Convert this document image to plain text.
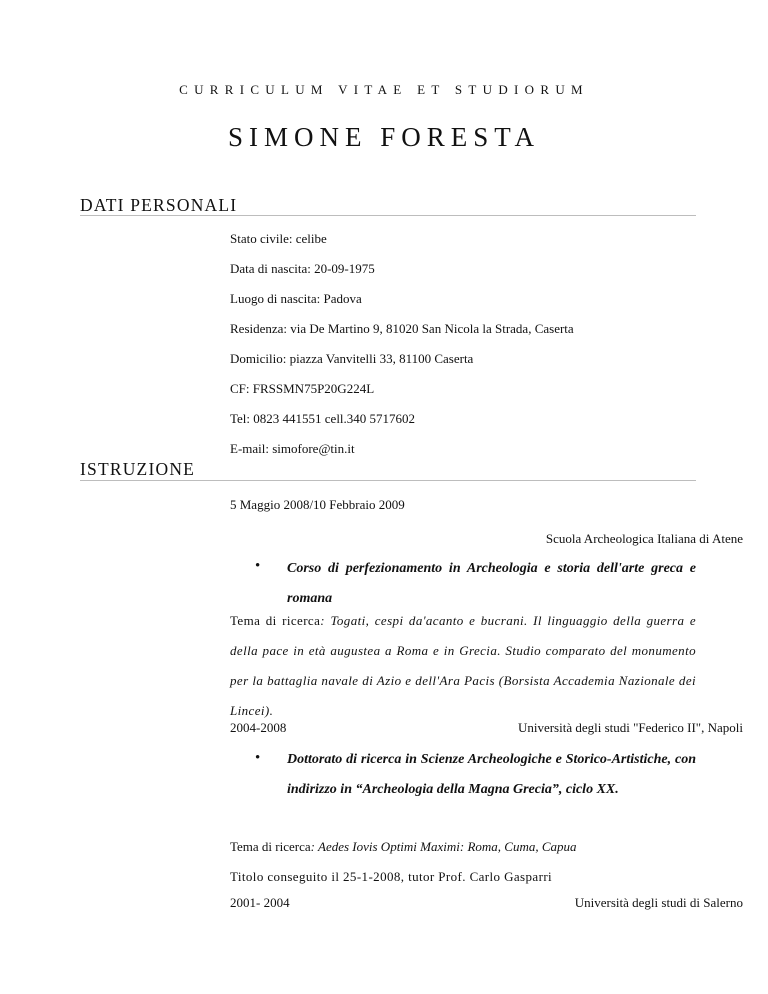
CURRICULUM VITAE ET STUDIORUM
SIMONE FORESTA
DATI PERSONALI
Stato civile: celibe
Data di nascita: 20-09-1975
Luogo di nascita: Padova
Residenza: via De Martino 9, 81020 San Nicola la Strada, Caserta
Domicilio: piazza Vanvitelli 33, 81100 Caserta
CF: FRSSMN75P20G224L
Tel: 0823 441551 cell.340 5717602
E-mail: simofore@tin.it
ISTRUZIONE
5 Maggio 2008/10 Febbraio 2009
Scuola Archeologica Italiana di Atene
• Corso di perfezionamento in Archeologia e storia dell'arte greca e romana
Tema di ricerca: Togati, cespi da'acanto e bucrani. Il linguaggio della guerra e della pace in età augustea a Roma e in Grecia. Studio comparato del monumento per la battaglia navale di Azio e dell'Ara Pacis (Borsista Accademia Nazionale dei Lincei).
2004-2008	Università degli studi "Federico II", Napoli
• Dottorato di ricerca in Scienze Archeologiche e Storico-Artistiche, con indirizzo in “Archeologia della Magna Grecia”, ciclo XX.
Tema di ricerca: Aedes Iovis Optimi Maximi: Roma, Cuma, Capua
Titolo conseguito il 25-1-2008, tutor Prof. Carlo Gasparri
2001- 2004	Università degli studi di Salerno
